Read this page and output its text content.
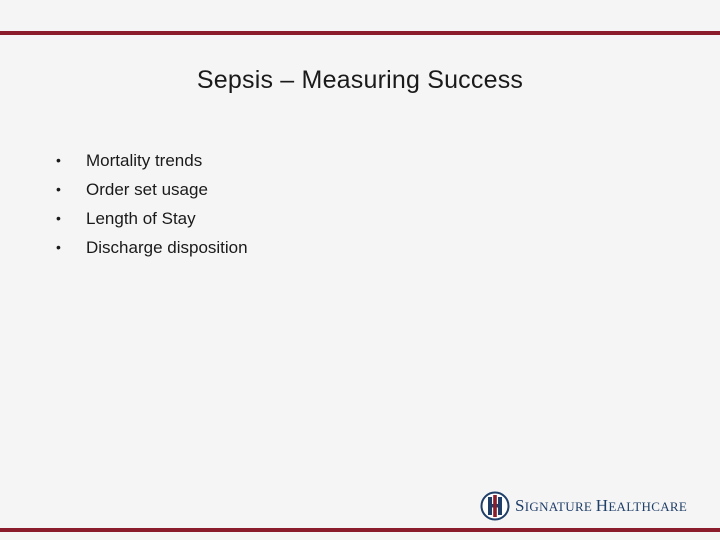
Sepsis – Measuring Success
• Mortality trends
• Order set usage
• Length of Stay
• Discharge disposition
SIGNATURE HEALTHCARE
